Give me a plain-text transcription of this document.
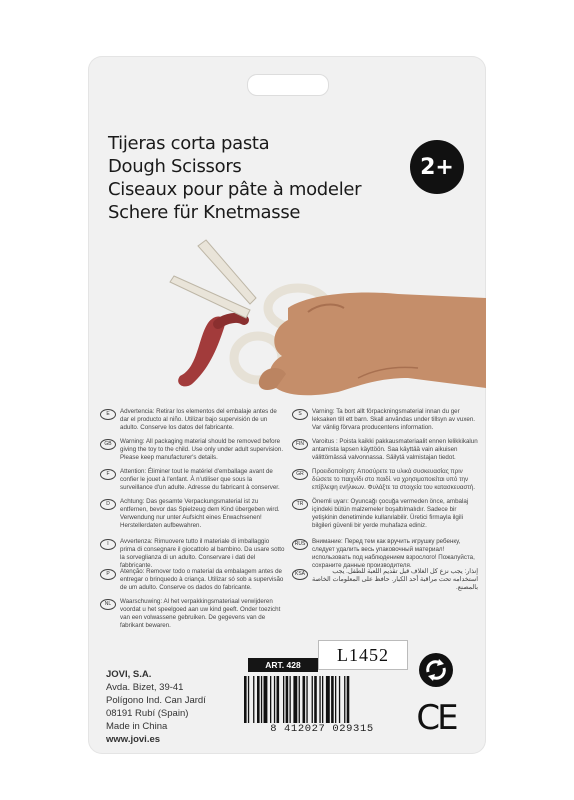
Tijeras corta pasta
Dough Scissors
Ciseaux pour pâte à modeler
Schere für Knetmasse
2+
E	Advertencia: Retirar los elementos del embalaje antes de dar el producto al niño. Utilizar bajo supervisión de un adulto. Conserve los datos del fabricante.
GB	Warning: All packaging material should be removed before giving the toy to the child. Use only under adult supervision. Please keep manufacturer's details.
F	Attention: Éliminer tout le matériel d'emballage avant de confier le jouet à l'enfant. À n'utiliser que sous la surveillance d'un adulte. Adresse du fabricant à conserver.
D	Achtung: Das gesamte Verpackungsmaterial ist zu entfernen, bevor das Spielzeug dem Kind übergeben wird. Verwendung nur unter Aufsicht eines Erwachsenen! Herstellerdaten aufbewahren.
I	Avvertenza: Rimuovere tutto il materiale di imballaggio prima di consegnare il giocattolo al bambino. Da usare sotto la sorveglianza di un adulto. Conservare i dati del fabbricante.
P	Atenção: Remover todo o material da embalagem antes de entregar o brinquedo à criança. Utilizar só sob a supervisão de um adulto. Conserve os dados do fabricante.
NL	Waarschuwing: Al het verpakkingsmateriaal verwijderen voordat u het speelgoed aan uw kind geeft. Onder toezicht van een volwassene gebruiken. De gegevens van de fabrikant bewaren.
S	Varning: Ta bort allt förpackningsmaterial innan du ger leksaken till ett barn. Skall användas under tillsyn av vuxen. Var vänlig förvara producentens information.
FIN	Varoitus : Poista kaikki pakkausmateriaalit ennen lelikkikalun antamista lapsen käyttöön. Saa käyttää vain aikuisen välittömässä valvonnassa. Säilytä valmistajan tiedot.
GR	Προειδοποίηση: Αποσύρετε τα υλικά συσκευασίας πριν δώσετε το παιχνίδι στο παιδί. να χρησιμοποιείται υπό την επίβλεψη ενήλικων. Φυλάξτε τα στοιχεία του κατασκευαστή.
TR	Önemli uyarı: Oyuncağı çocuğa vermeden önce, ambalaj içindeki bütün malzemeler boşaltılmalıdır. Sadece bir yetişkinin denetiminde kullanılabilir. Üretici firmayla ilgili bilgileri güvenli bir yerde muhafaza ediniz.
RUS	Внимание: Перед тем как вручить игрушку ребенку, следует удалить весь упаковочный материал! использовать под наблюдением взрослого! Пожалуйста, сохраните данные производителя.
KSA	إنذار: يجب نزع كل الغلاف قبل تقديم اللعبة للطفل. يجب استخدامه تحت مراقبة أحد الكبار. حافظ على المعلومات الخاصة بالمصنع.
JOVI, S.A.
Avda. Bizet, 39-41
Polígono Ind. Can Jardí
08191 Rubí (Spain)
Made in China
www.jovi.es
ART. 428
L1452
8 412027 029315	CE
